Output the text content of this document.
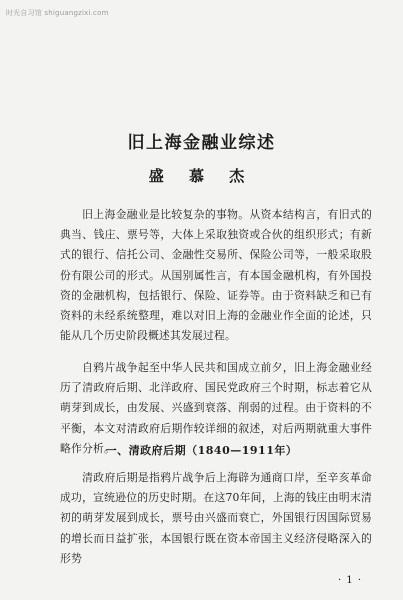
时光自习馆 shiguangzixi.com
旧上海金融业综述
盛 慕 杰
旧上海金融业是比较复杂的事物。从资本结构言，有旧式的典当、钱庄、票号等，大体上采取独资或合伙的组织形式；有新式的银行、信托公司、金融性交易所、保险公司等，一般采取股份有限公司的形式。从国别属性言，有本国金融机构，有外国投资的金融机构，包括银行、保险、证券等。由于资料缺乏和已有资料的未经系统整理，难以对旧上海的金融业作全面的论述，只能从几个历史阶段概述其发展过程。
自鸦片战争起至中华人民共和国成立前夕，旧上海金融业经历了清政府后期、北洋政府、国民党政府三个时期，标志着它从萌芽到成长，由发展、兴盛到衰落、削弱的过程。由于资料的不平衡，本文对清政府后期作较详细的叙述，对后两期就重大事件略作分析。
一、清政府后期（1840—1911年）
清政府后期是指鸦片战争后上海辟为通商口岸，至辛亥革命成功，宣统逊位的历史时期。在这70年间，上海的钱庄由明末清初的萌芽发展到成长，票号由兴盛而衰亡，外国银行因国际贸易的增长而日益扩张，本国银行既在资本帝国主义经济侵略深入的形势
· 1 ·
